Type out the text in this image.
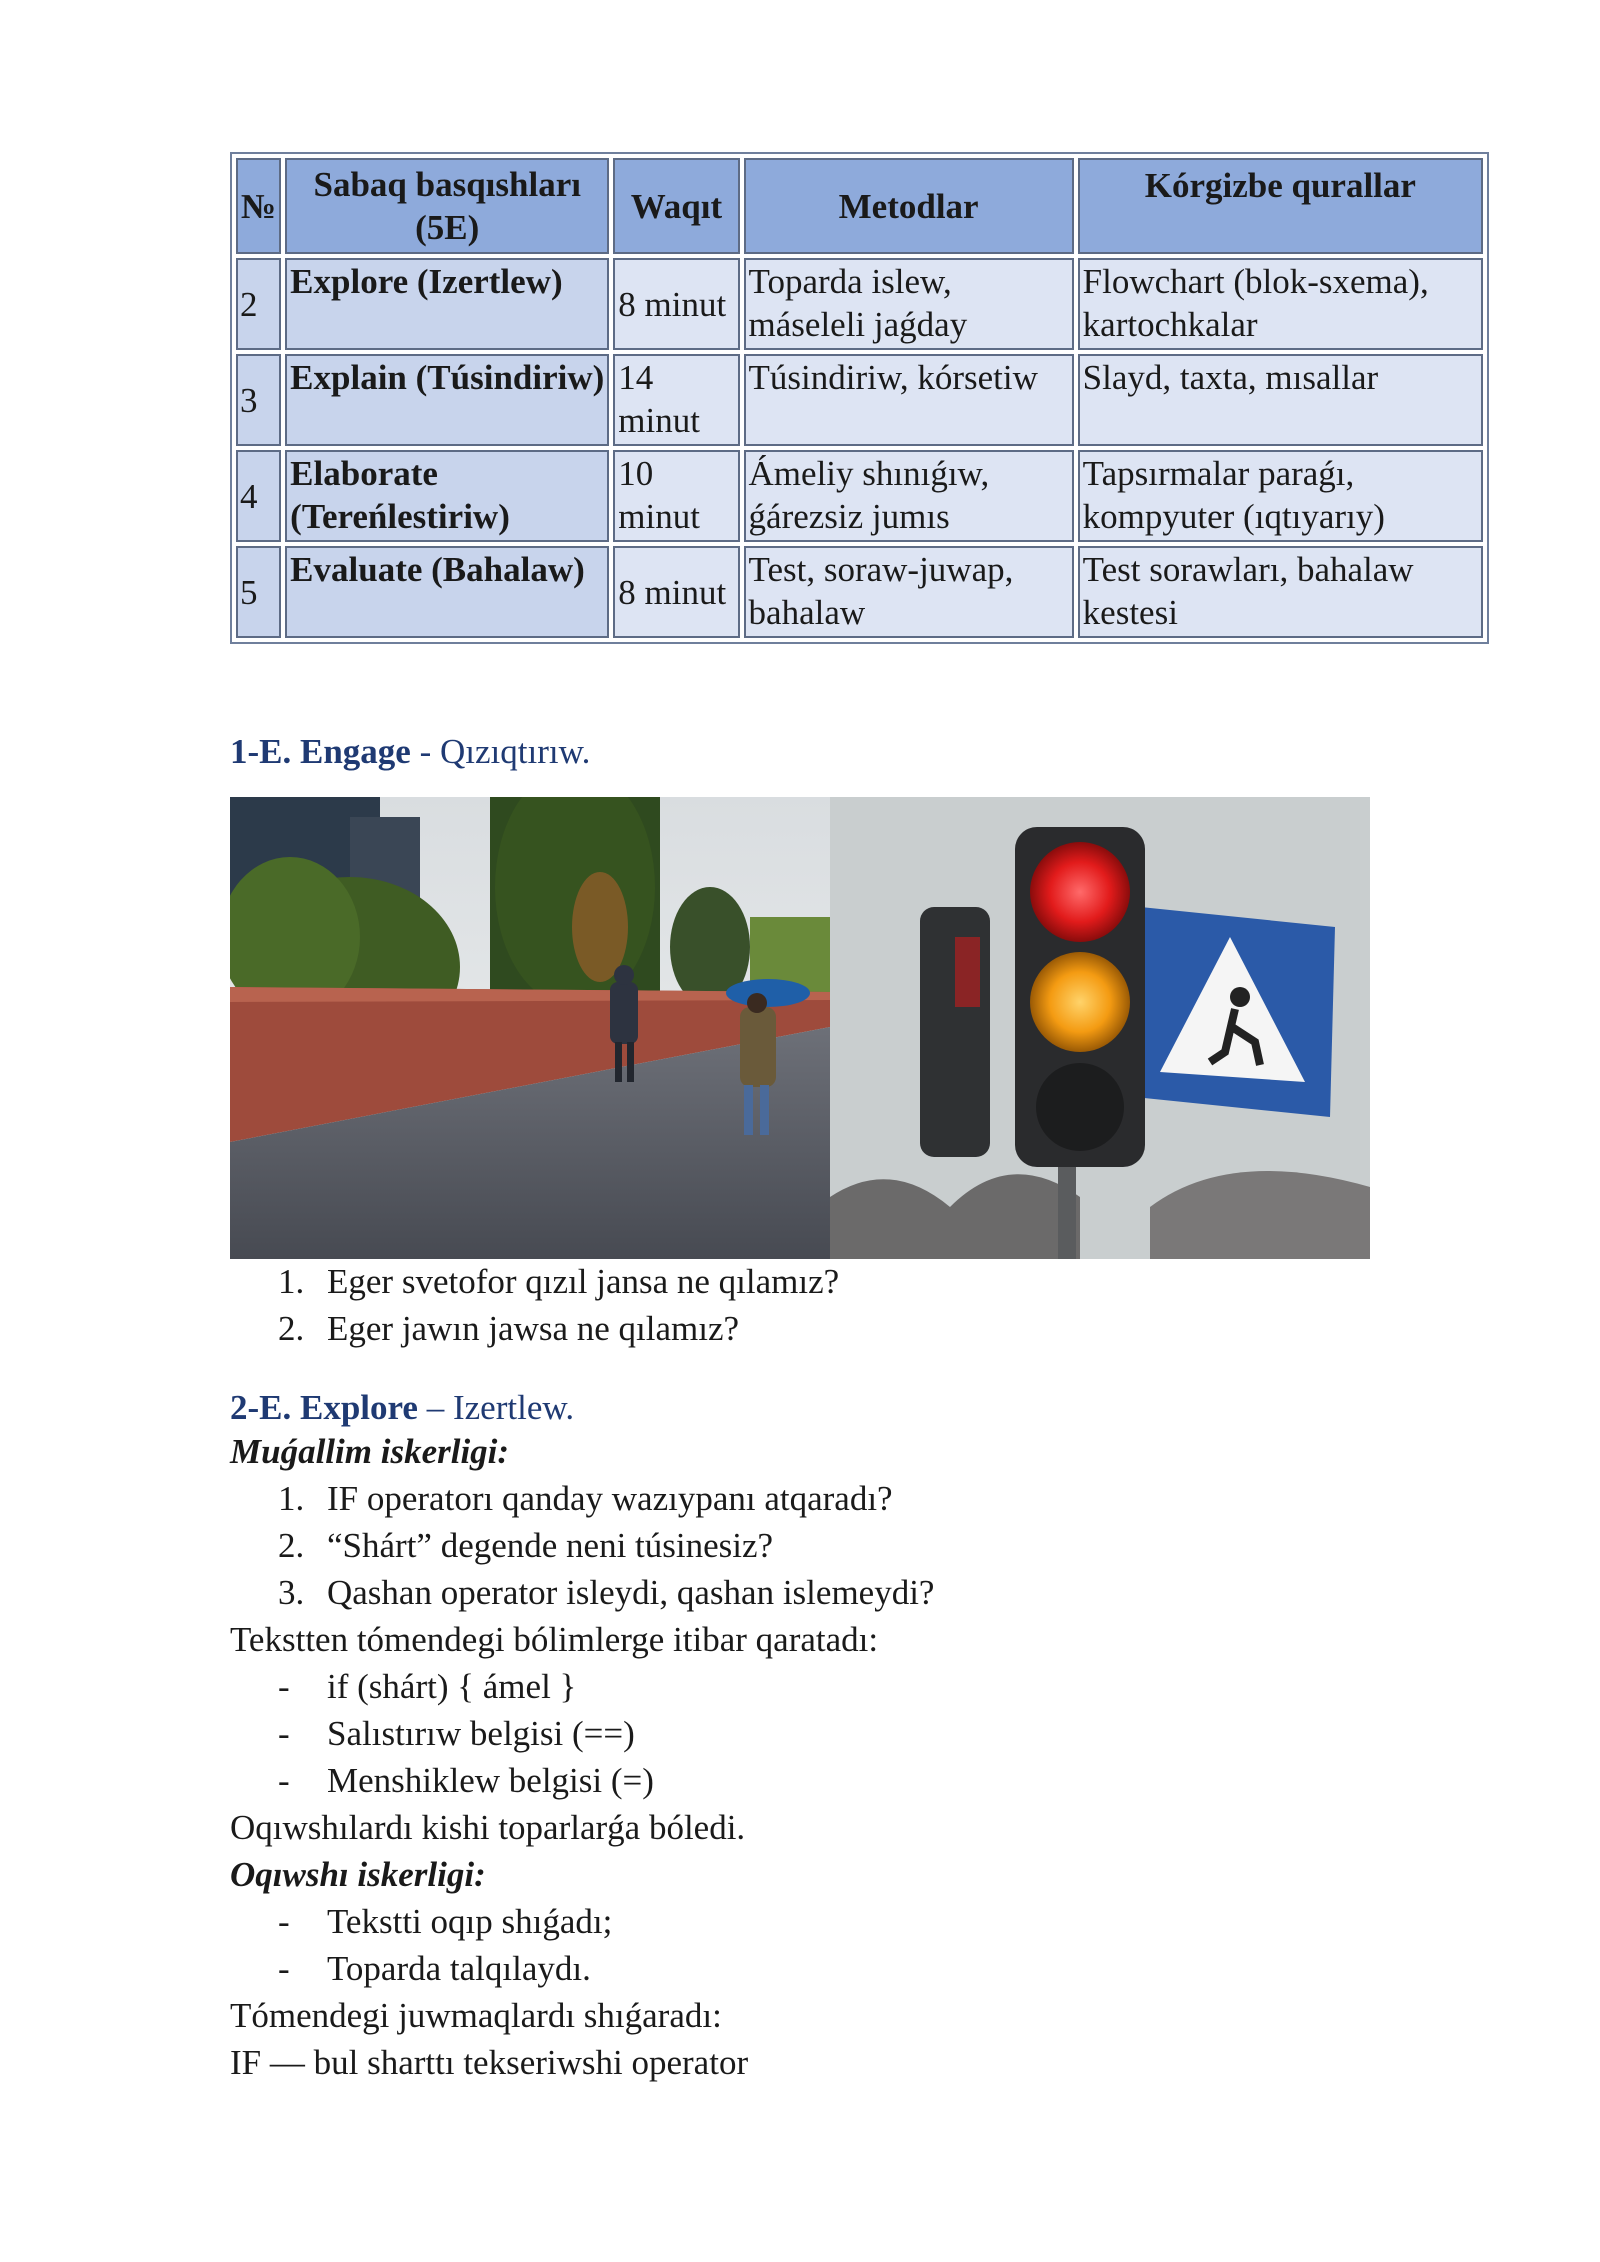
№	Sabaq basqıshları (5E)	Waqıt	Metodlar	Kórgizbe qurallar
2	Explore (Izertlew)	8 minut	Toparda islew, máseleli jaǵday	Flowchart (blok-sxema), kartochkalar
3	Explain (Túsindiriw)	14 minut	Túsindiriw, kórsetiw	Slayd, taxta, mısallar
4	Elaborate (Tereńlestiriw)	10 minut	Ámeliy shınıǵıw, ǵárezsiz jumıs	Tapsırmalar paraǵı, kompyuter (ıqtıyarıy)
5	Evaluate (Bahalaw)	8 minut	Test, soraw-juwap, bahalaw	Test sorawları, bahalaw kestesi
1-E. Engage - Qızıqtırıw.
1. Eger svetofor qızıl jansa ne qılamız?
2. Eger jawın jawsa ne qılamız?
2-E. Explore – Izertlew.
Muǵallim iskerligi:
1. IF operatorı qanday wazıypanı atqaradı?
2. “Shárt” degende neni túsinesiz?
3. Qashan operator isleydi, qashan islemeydi?
Tekstten tómendegi bólimlerge itibar qaratadı:
- if (shárt) { ámel }
- Salıstırıw belgisi (==)
- Menshiklew belgisi (=)
Oqıwshılardı kishi toparlarǵa bóledi.
Oqıwshı iskerligi:
- Tekstti oqıp shıǵadı;
- Toparda talqılaydı.
Tómendegi juwmaqlardı shıǵaradı:
IF — bul sharttı tekseriwshi operator
